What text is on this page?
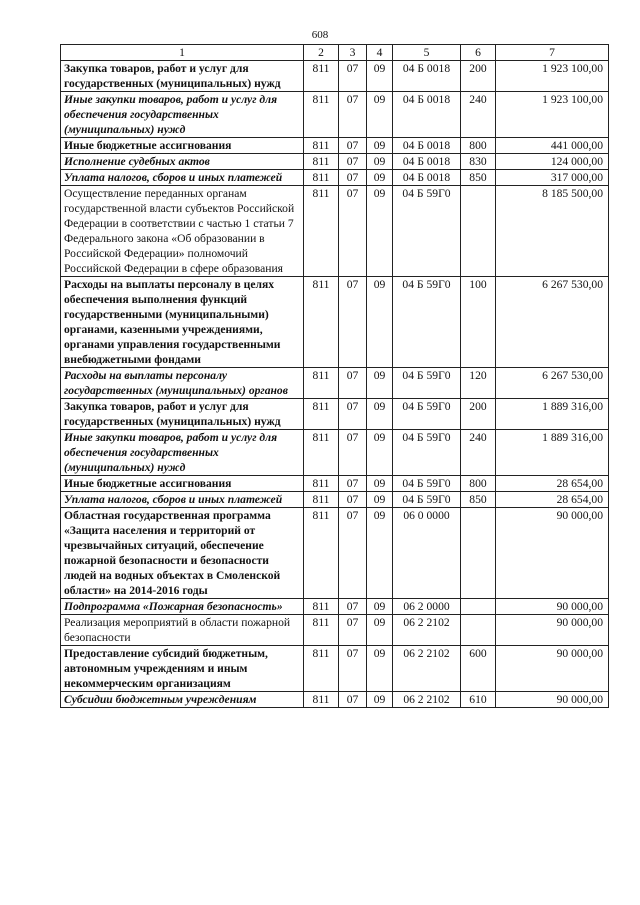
608
1	2	3	4	5	6	7
Закупка товаров, работ и услуг для государственных (муниципальных) нужд	811	07	09	04 Б 0018	200	1 923 100,00
Иные закупки товаров, работ и услуг для обеспечения государственных (муниципальных) нужд	811	07	09	04 Б 0018	240	1 923 100,00
Иные бюджетные ассигнования	811	07	09	04 Б 0018	800	441 000,00
Исполнение судебных актов	811	07	09	04 Б 0018	830	124 000,00
Уплата налогов, сборов и иных платежей	811	07	09	04 Б 0018	850	317 000,00
Осуществление переданных органам государственной власти субъектов Российской Федерации в соответствии с частью 1 статьи 7 Федерального закона «Об образовании в Российской Федерации» полномочий Российской Федерации в сфере образования	811	07	09	04 Б 59Г0		8 185 500,00
Расходы на выплаты персоналу в целях обеспечения выполнения функций государственными (муниципальными) органами, казенными учреждениями, органами управления государственными внебюджетными фондами	811	07	09	04 Б 59Г0	100	6 267 530,00
Расходы на выплаты персоналу государственных (муниципальных) органов	811	07	09	04 Б 59Г0	120	6 267 530,00
Закупка товаров, работ и услуг для государственных (муниципальных) нужд	811	07	09	04 Б 59Г0	200	1 889 316,00
Иные закупки товаров, работ и услуг для обеспечения государственных (муниципальных) нужд	811	07	09	04 Б 59Г0	240	1 889 316,00
Иные бюджетные ассигнования	811	07	09	04 Б 59Г0	800	28 654,00
Уплата налогов, сборов и иных платежей	811	07	09	04 Б 59Г0	850	28 654,00
Областная государственная программа «Защита населения и территорий от чрезвычайных ситуаций, обеспечение пожарной безопасности и безопасности людей на водных объектах в Смоленской области» на 2014-2016 годы	811	07	09	06 0 0000		90 000,00
Подпрограмма «Пожарная безопасность»	811	07	09	06 2 0000		90 000,00
Реализация мероприятий в области пожарной безопасности	811	07	09	06 2 2102		90 000,00
Предоставление субсидий бюджетным, автономным учреждениям и иным некоммерческим организациям	811	07	09	06 2 2102	600	90 000,00
Субсидии бюджетным учреждениям	811	07	09	06 2 2102	610	90 000,00
